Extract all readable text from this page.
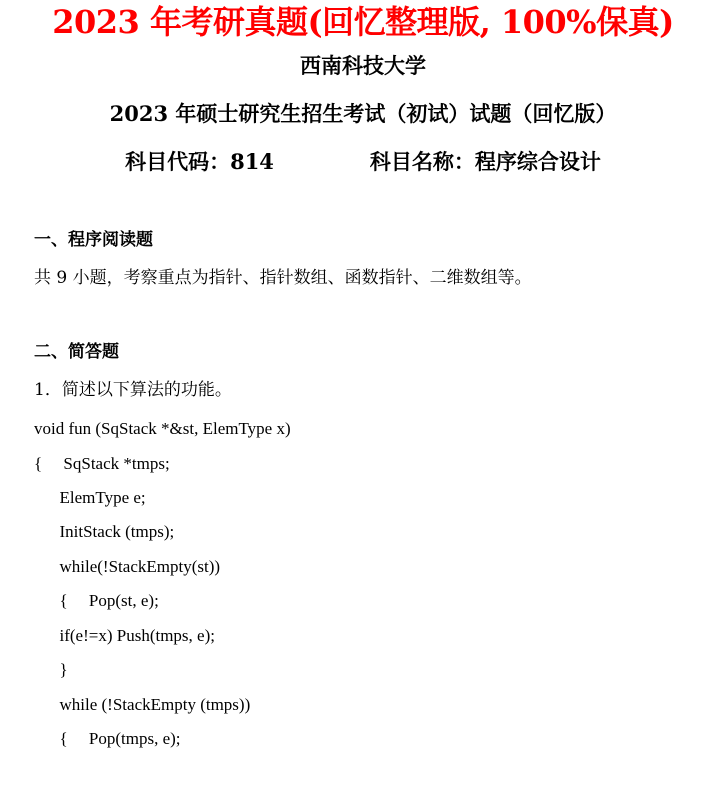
2023 年考研真题(回忆整理版, 100%保真)
西南科技大学
2023 年硕士研究生招生考试（初试）试题（回忆版）
科目代码：814	科目名称：程序综合设计
一、程序阅读题
共 9 小题，考察重点为指针、指针数组、函数指针、二维数组等。
二、简答题
1．简述以下算法的功能。
void fun (SqStack *&st, ElemType x)
{     SqStack *tmps;
ElemType e;
InitStack (tmps);
while(!StackEmpty(st))
{     Pop(st, e);
if(e!=x) Push(tmps, e);
}
while (!StackEmpty (tmps))
{     Pop(tmps, e);
